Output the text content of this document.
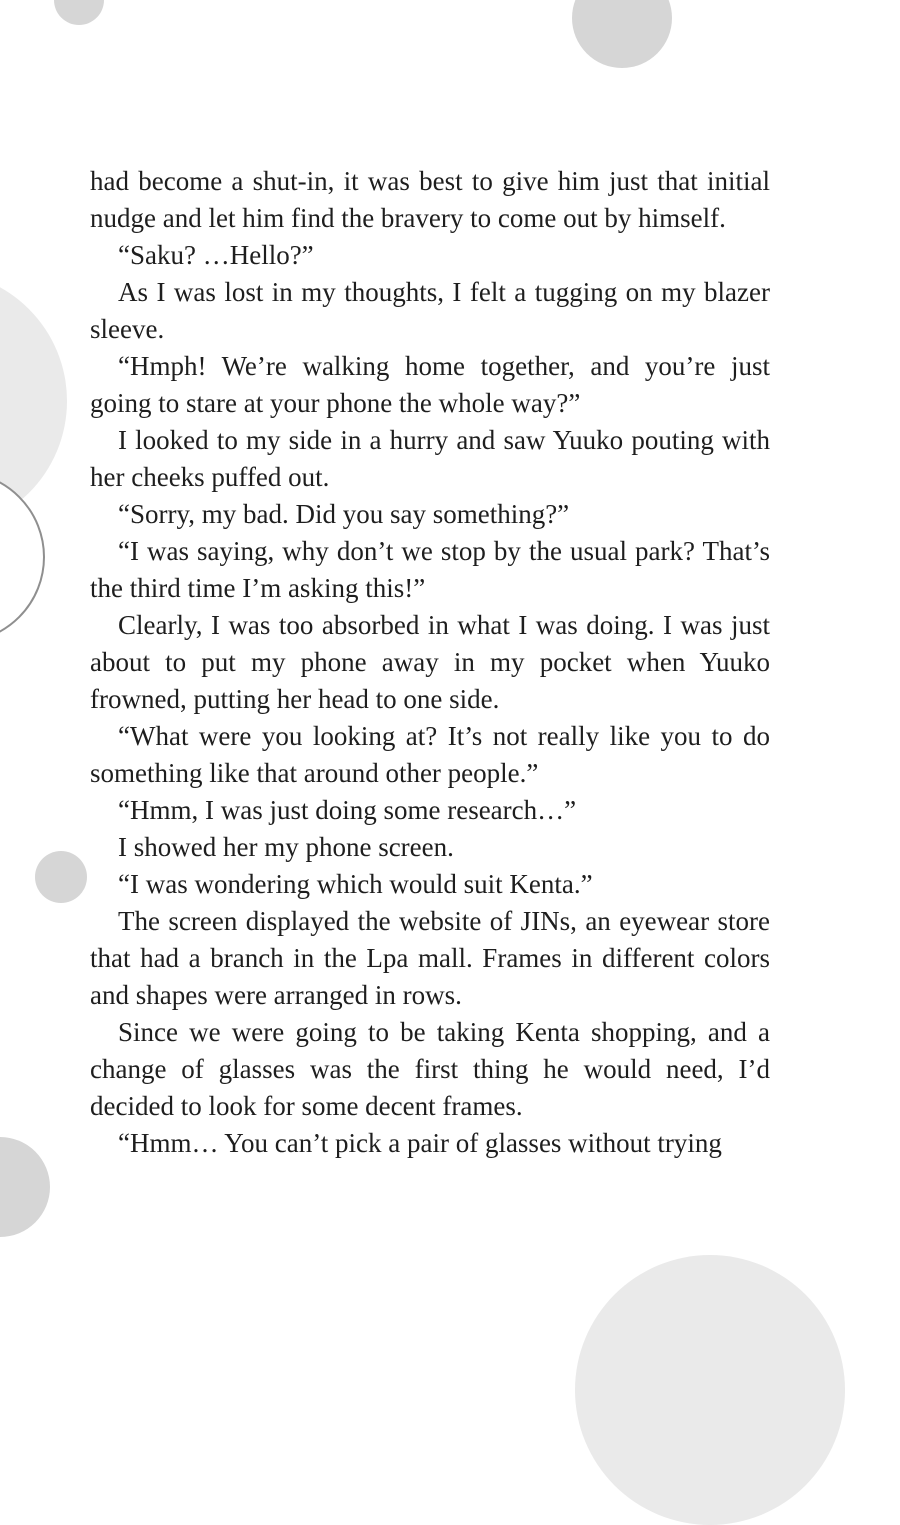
had become a shut-in, it was best to give him just that initial nudge and let him find the bravery to come out by himself.

“Saku? …Hello?”

As I was lost in my thoughts, I felt a tugging on my blazer sleeve.

“Hmph! We’re walking home together, and you’re just going to stare at your phone the whole way?”

I looked to my side in a hurry and saw Yuuko pouting with her cheeks puffed out.

“Sorry, my bad. Did you say something?”

“I was saying, why don’t we stop by the usual park? That’s the third time I’m asking this!”

Clearly, I was too absorbed in what I was doing. I was just about to put my phone away in my pocket when Yuuko frowned, putting her head to one side.

“What were you looking at? It’s not really like you to do something like that around other people.”

“Hmm, I was just doing some research…”

I showed her my phone screen.

“I was wondering which would suit Kenta.”

The screen displayed the website of JINs, an eyewear store that had a branch in the Lpa mall. Frames in different colors and shapes were arranged in rows.

Since we were going to be taking Kenta shopping, and a change of glasses was the first thing he would need, I’d decided to look for some decent frames.

“Hmm… You can’t pick a pair of glasses without trying
